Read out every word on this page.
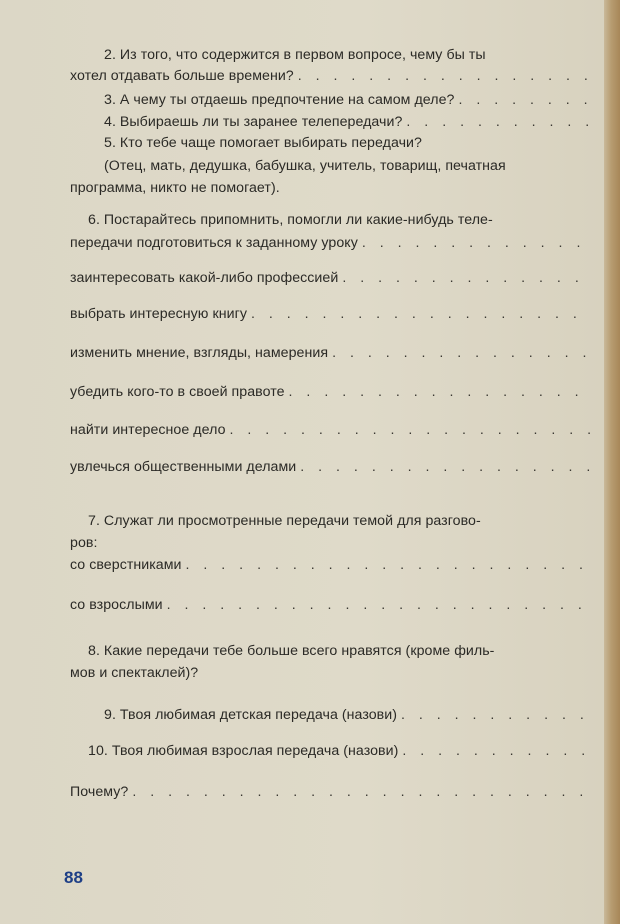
2. Из того, что содержится в первом вопросе, чему бы ты
хотел отдавать больше времени?
. . .
3. А чему ты отдаешь предпочтение на самом деле?
. . .
4. Выбираешь ли ты заранее телепередачи?
. . .
5. Кто тебе чаще помогает выбирать передачи?
(Отец, мать, дедушка, бабушка, учитель, товарищ, печатная
программа, никто не помогает).
6. Постарайтесь припомнить, помогли ли какие-нибудь теле-
передачи подготовиться к заданному уроку
. . .
заинтересовать какой-либо профессией
. . .
выбрать интересную книгу
. . .
изменить мнение, взгляды, намерения
. . .
убедить кого-то в своей правоте
. . .
найти интересное дело
. . .
увлечься общественными делами
. . .
7. Служат ли просмотренные передачи темой для разгово-
ров:
со сверстниками
. . .
со взрослыми
. . .
8. Какие передачи тебе больше всего нравятся (кроме филь-
мов и спектаклей)?
9. Твоя любимая детская передача (назови)
. . .
10. Твоя любимая взрослая передача (назови)
. . .
Почему?
. . .
88
